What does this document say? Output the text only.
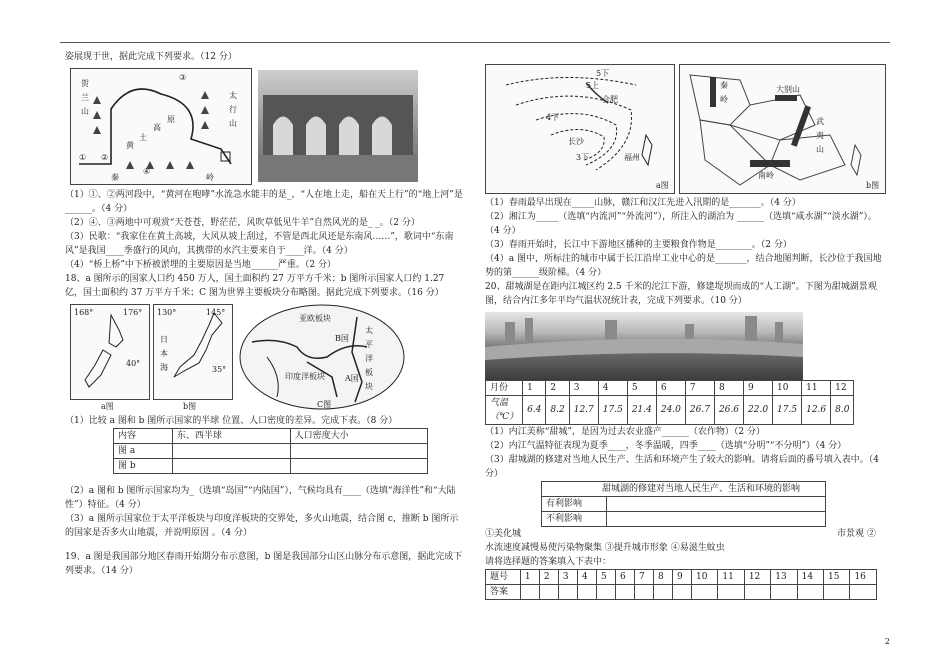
姿展现于世，据此完成下列要求。（12 分）

① ②
③
④
黄
土
高
原
太行山
贺兰山
秦	岭

（1）①、②两河段中，“黄河在咆哮”水流急水能丰的是_，“人在地上走，船在天上行”的“地上河”是______。（4 分）

（2）④、③两地中可观赏“天苍苍，野茫茫，风吹草低见牛羊”自然风光的是_ _。（2 分）

（3）民歌：“我家住在黄土高坡，大风从坡上刮过，不管是西北风还是东南风……”，歌词中“东南风”是我国____季盛行的风向，其携带的水汽主要来自于____洋。（4 分）

（4）“桥上桥”中下桥被淤埋的主要原因是当地______严重。（2 分）

18、a 图所示的国家人口约 450 万人，国土面积约 27 万平方千米；b 图所示国家人口约 1.27 亿，国土面积约 37 万平方千米；C 图为世界主要板块分布略图。据此完成下列要求。（16 分）

168°	176°
40°
a图
130°	145°
日本海	35°
b图
亚欧板块
太平洋板块
印度洋板块	A国
B国
C图

（1）比较 a 图和 b 图所示国家的半球 位置、人口密度的差异。完成下表。（8 分）

内容	东、西半球	人口密度大小
图 a		
图 b		

（2）a 图和 b 图所示国家均为_（选填“岛国”“内陆国”），气候均具有____（选填“海洋性”和“大陆性”）特征。（4 分）

（3）a 图所示国家位于太平洋板块与印度洋板块的交界处，多火山地震，结合图 c，推断 b 图所示的国家是否多火山地震，并说明原因 。（4 分）

19、a 图是我国部分地区春雨开始期分布示意图，b 图是我国部分山区山脉分布示意图，据此完成下列要求。（14 分）

5下
5上
合肥
长沙
福州
4下
3下
a图
秦岭
大别山
武夷山
南岭
b图

（1）春雨最早出现在_____山脉，赣江和汉江先进入汛期的是_______。（4 分）

（2）湘江为_____（选填“内流河”“外流河”），所注入的湖泊为 ______（选填“咸水湖”“淡水湖”）。（4 分）

（3）春雨开始时，长江中下游地区播种的主要粮食作物是________。（2 分）

（4）a 图中，所标注的城市中属于长江沿岸工业中心的是_______，结合地图判断，长沙位于我国地势的第______级阶梯。（4 分）

20、甜城湖是在距内江城区约 2.5 千米的沱江下游，修建堤坝而成的“人工湖”。下图为甜城湖景观图，结合内江多年平均气温状况统计表，完成下列要求。（10 分）

月份	1	2	3	4	5	6	7	8	9	10	11	12
气温（℃）	6.4	8.2	12.7	17.5	21.4	24.0	26.7	26.6	22.0	17.5	12.6	8.0

（1）内江美称“甜城”，是因为过去农业盛产______（农作物）（2 分）

（2）内江气温特征表现为夏季____，冬季温暖，四季____（选填“分明”“不分明”）（4 分）

（3）甜城湖的修建对当地人民生产、生活和环境产生了较大的影响。请将后面的番号填入表中。（4 分）

甜城湖的修建对当地人民生产、生活和环境的影响	
有利影响	
不利影响	
①美化城	市景观 ②

水流速度减慢易使污染物聚集 ③提升城市形象 ④易滋生蚊虫

请将选择题的答案填入下表中：

题号	1	2	3	4	5	6	7	8	9	10	11	12	13	14	15	16
答案																
2
